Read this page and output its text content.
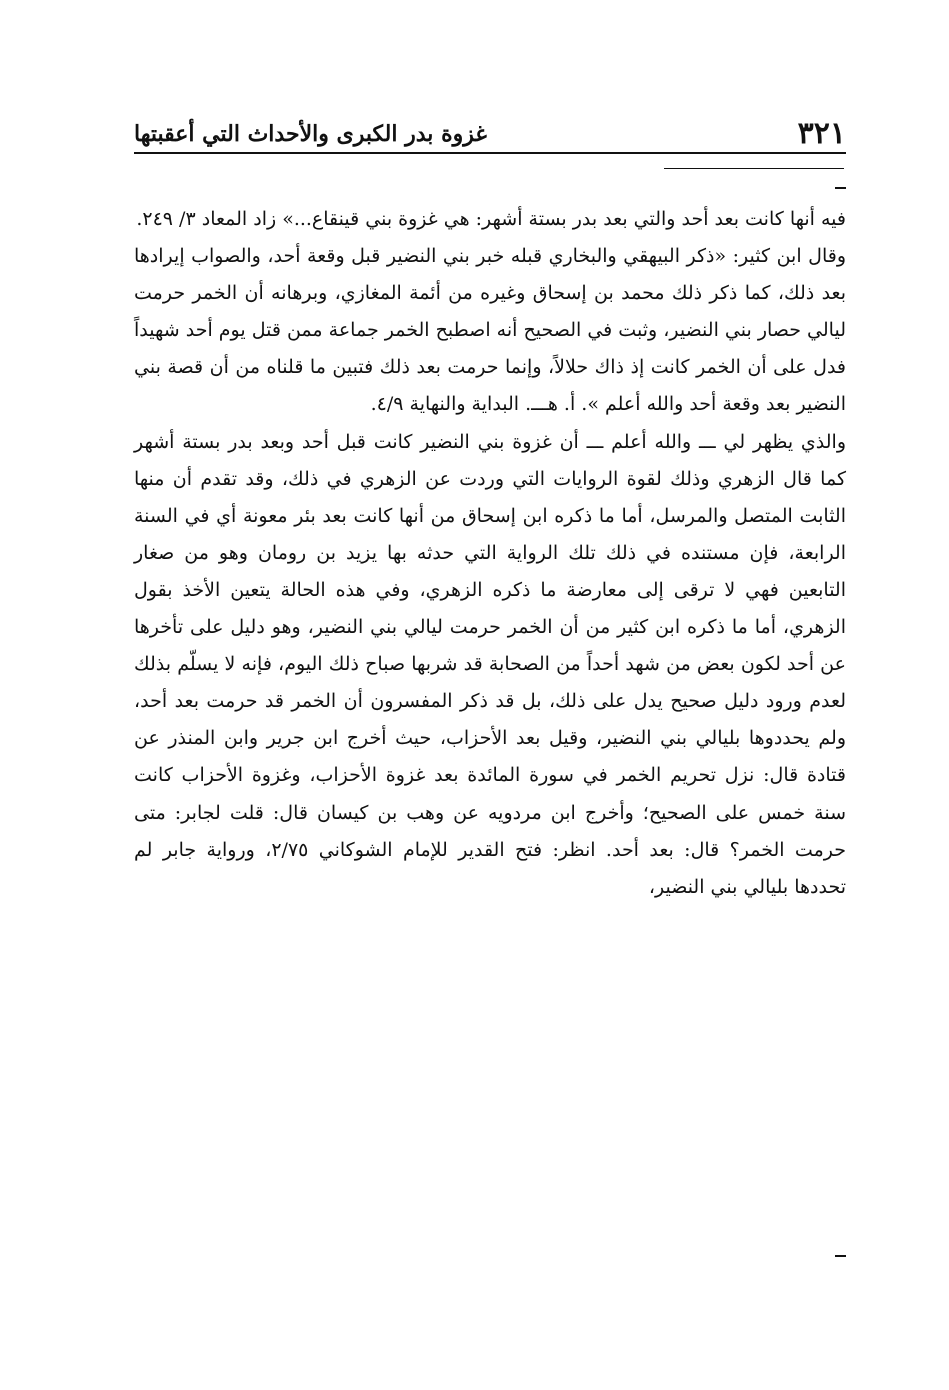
٣٢١
غزوة بدر الكبرى والأحداث التي أعقبتها

فيه أنها كانت بعد أحد والتي بعد بدر بستة أشهر: هي غزوة بني قينقاع...» زاد المعاد ٣/ ٢٤٩.

وقال ابن كثير: «ذكر البيهقي والبخاري قبله خبر بني النضير قبل وقعة أحد، والصواب إيرادها بعد ذلك، كما ذكر ذلك محمد بن إسحاق وغيره من أئمة المغازي، وبرهانه أن الخمر حرمت ليالي حصار بني النضير، وثبت في الصحيح أنه اصطبح الخمر جماعة ممن قتل يوم أحد شهيداً فدل على أن الخمر كانت إذ ذاك حلالاً، وإنما حرمت بعد ذلك فتبين ما قلناه من أن قصة بني النضير بعد وقعة أحد والله أعلم ». أ. هـــ. البداية والنهاية ٤/٩.

والذي يظهر لي ـــ والله أعلم ـــ أن غزوة بني النضير كانت قبل أحد وبعد بدر بستة أشهر كما قال الزهري وذلك لقوة الروايات التي وردت عن الزهري في ذلك، وقد تقدم أن منها الثابت المتصل والمرسل، أما ما ذكره ابن إسحاق من أنها كانت بعد بئر معونة أي في السنة الرابعة، فإن مستنده في ذلك تلك الرواية التي حدثه بها يزيد بن رومان وهو من صغار التابعين فهي لا ترقى إلى معارضة ما ذكره الزهري، وفي هذه الحالة يتعين الأخذ بقول الزهري، أما ما ذكره ابن كثير من أن الخمر حرمت ليالي بني النضير، وهو دليل على تأخرها عن أحد لكون بعض من شهد أحداً من الصحابة قد شربها صباح ذلك اليوم، فإنه لا يسلّم بذلك لعدم ورود دليل صحيح يدل على ذلك، بل قد ذكر المفسرون أن الخمر قد حرمت بعد أحد، ولم يحددوها بليالي بني النضير، وقيل بعد الأحزاب، حيث أخرج ابن جرير وابن المنذر عن قتادة قال: نزل تحريم الخمر في سورة المائدة بعد غزوة الأحزاب، وغزوة الأحزاب كانت سنة خمس على الصحيح؛ وأخرج ابن مردويه عن وهب بن كيسان قال: قلت لجابر: متى حرمت الخمر؟ قال: بعد أحد. انظر: فتح القدير للإمام الشوكاني ٢/٧٥، ورواية جابر لم تحددها بليالي بني النضير،
